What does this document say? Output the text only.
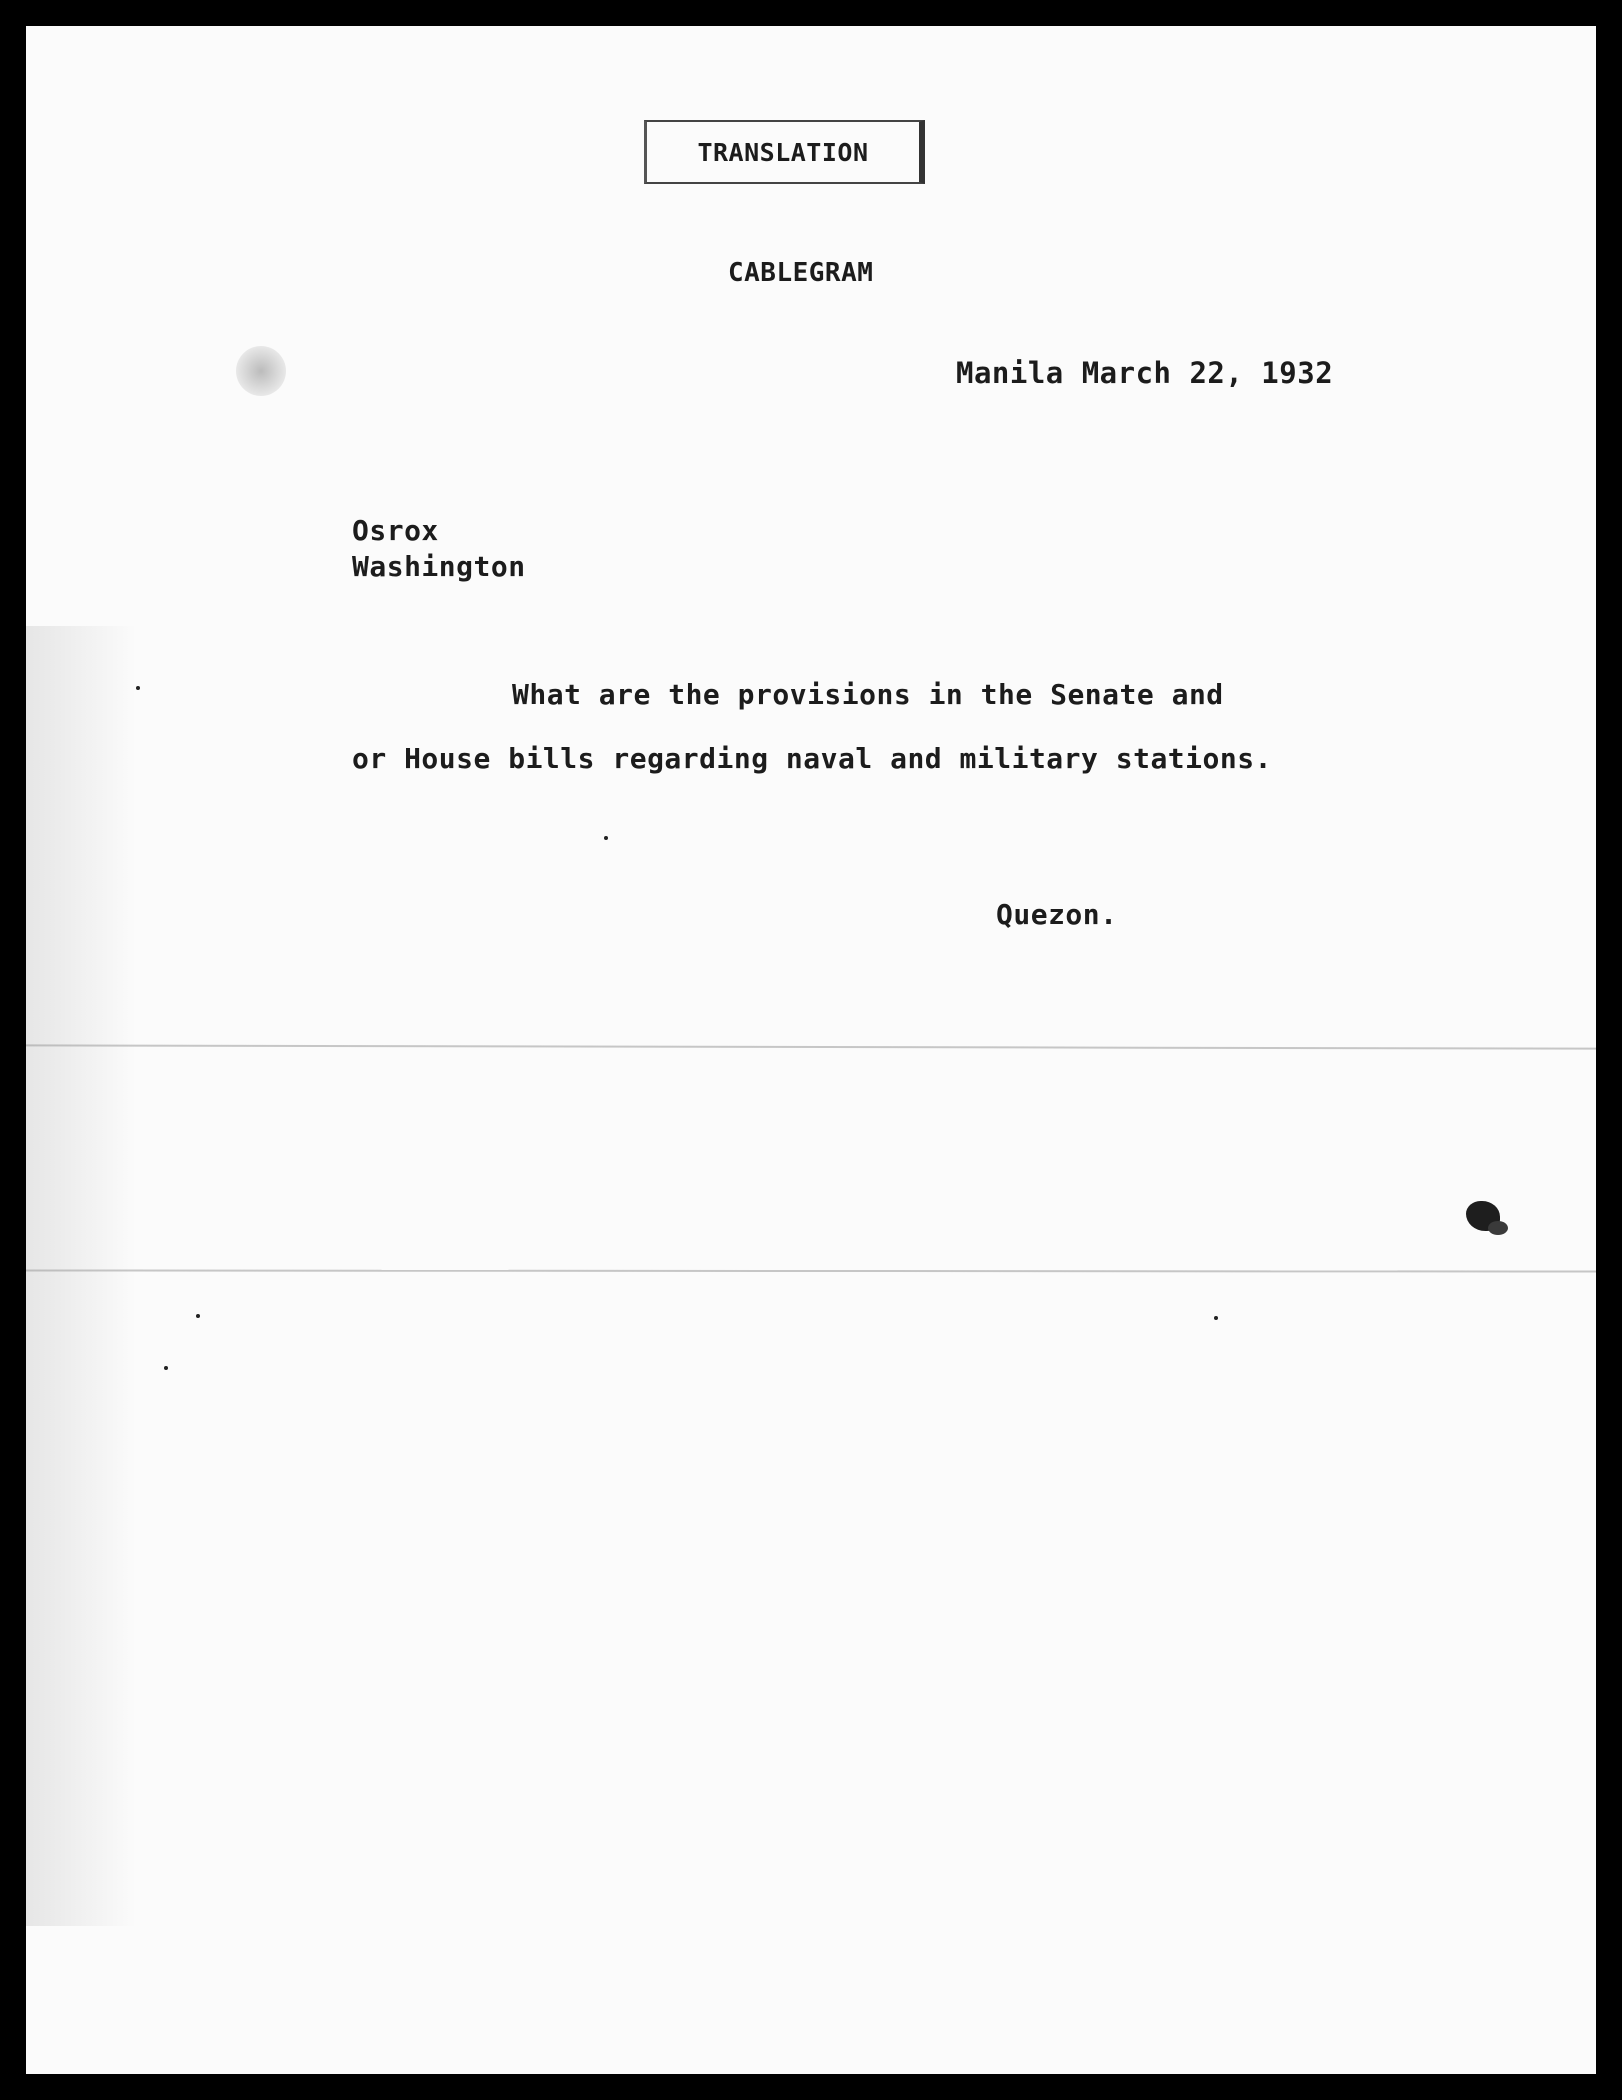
TRANSLATION
CABLEGRAM
Manila March 22, 1932
Osrox
Washington
What are the provisions in the Senate and
or House bills regarding naval and military stations.
Quezon.
